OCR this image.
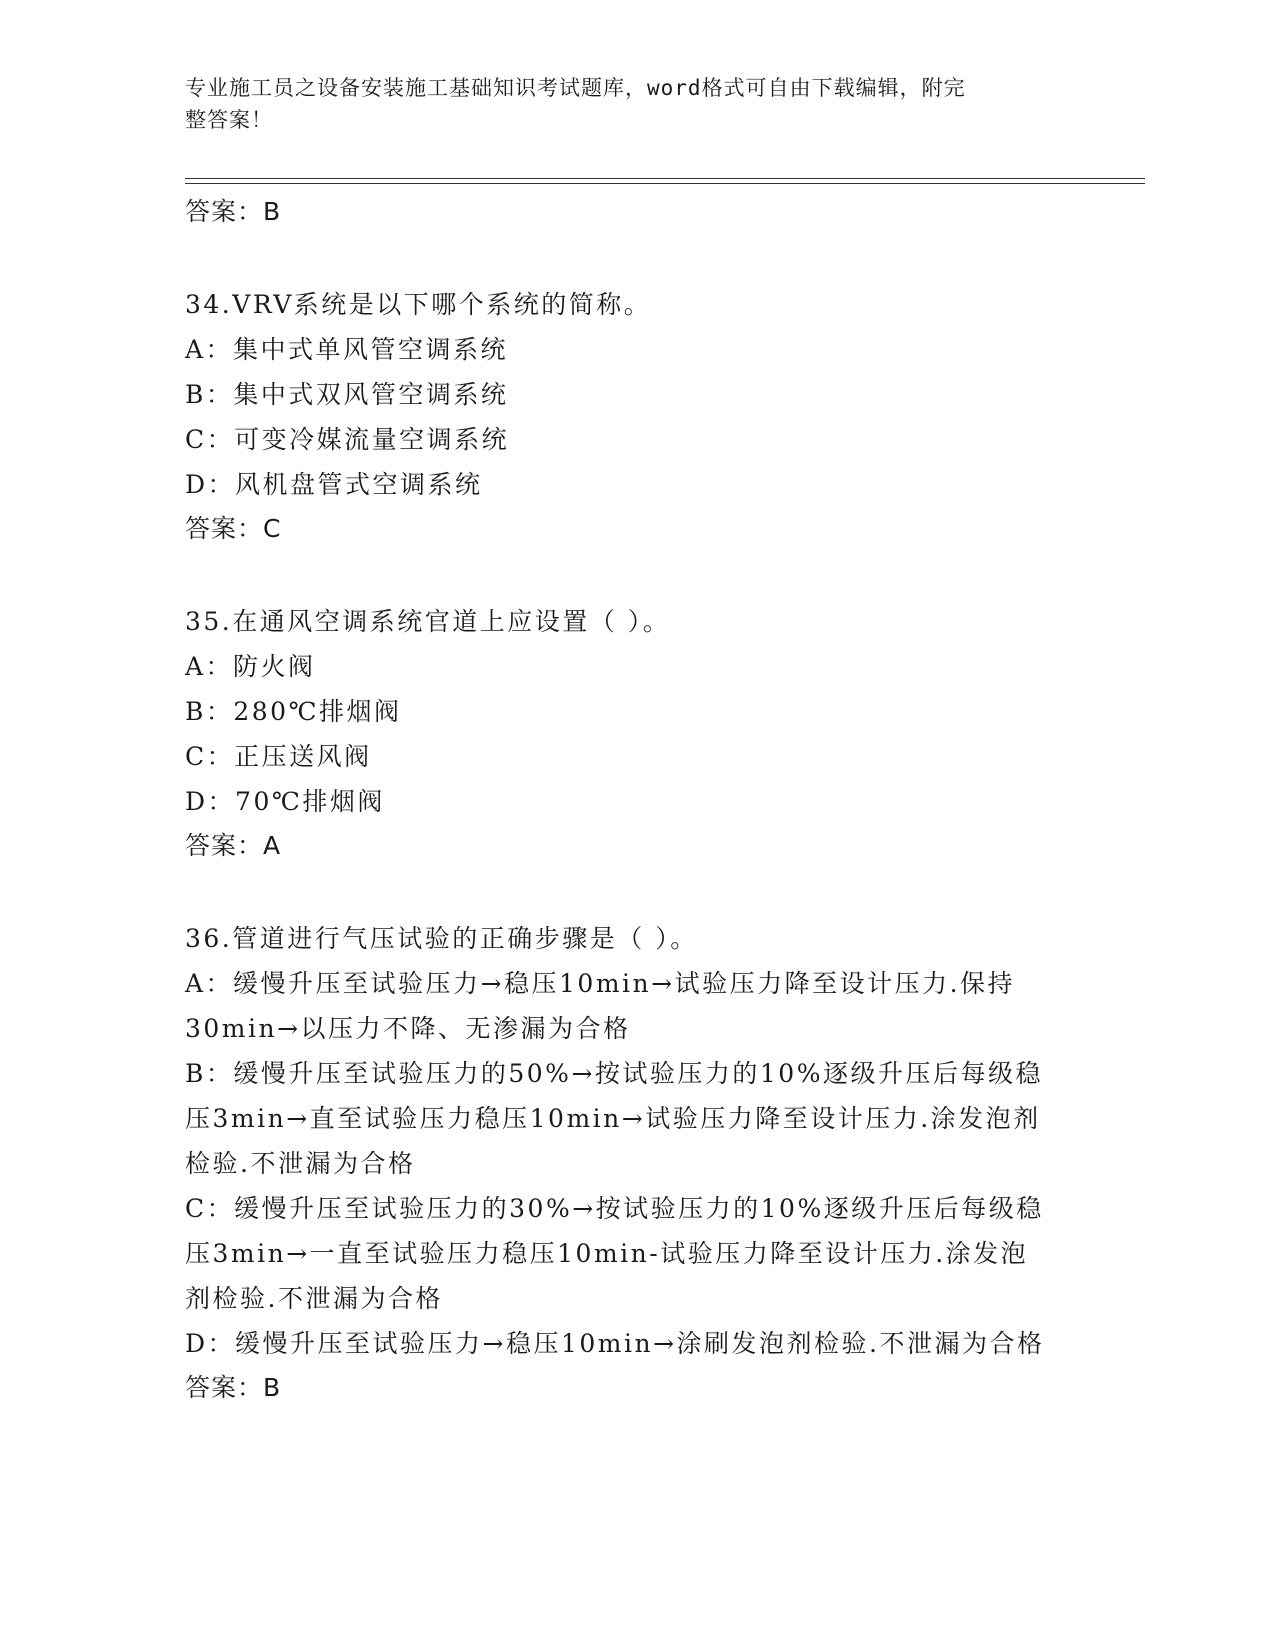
专业施工员之设备安装施工基础知识考试题库，word格式可自由下载编辑，附完
整答案！
答案：B
34.VRV系统是以下哪个系统的简称。
A：集中式单风管空调系统
B：集中式双风管空调系统
C：可变冷媒流量空调系统
D：风机盘管式空调系统
答案：C
35.在通风空调系统官道上应设置（ ）。
A：防火阀
B：280℃排烟阀
C：正压送风阀
D：70℃排烟阀
答案：A
36.管道进行气压试验的正确步骤是（ ）。
A：缓慢升压至试验压力→稳压10min→试验压力降至设计压力.保持
30min→以压力不降、无渗漏为合格
B：缓慢升压至试验压力的50%→按试验压力的10%逐级升压后每级稳
压3min→直至试验压力稳压10min→试验压力降至设计压力.涂发泡剂
检验.不泄漏为合格
C：缓慢升压至试验压力的30%→按试验压力的10%逐级升压后每级稳
压3min→一直至试验压力稳压10min-试验压力降至设计压力.涂发泡
剂检验.不泄漏为合格
D：缓慢升压至试验压力→稳压10min→涂刷发泡剂检验.不泄漏为合格
答案：B
